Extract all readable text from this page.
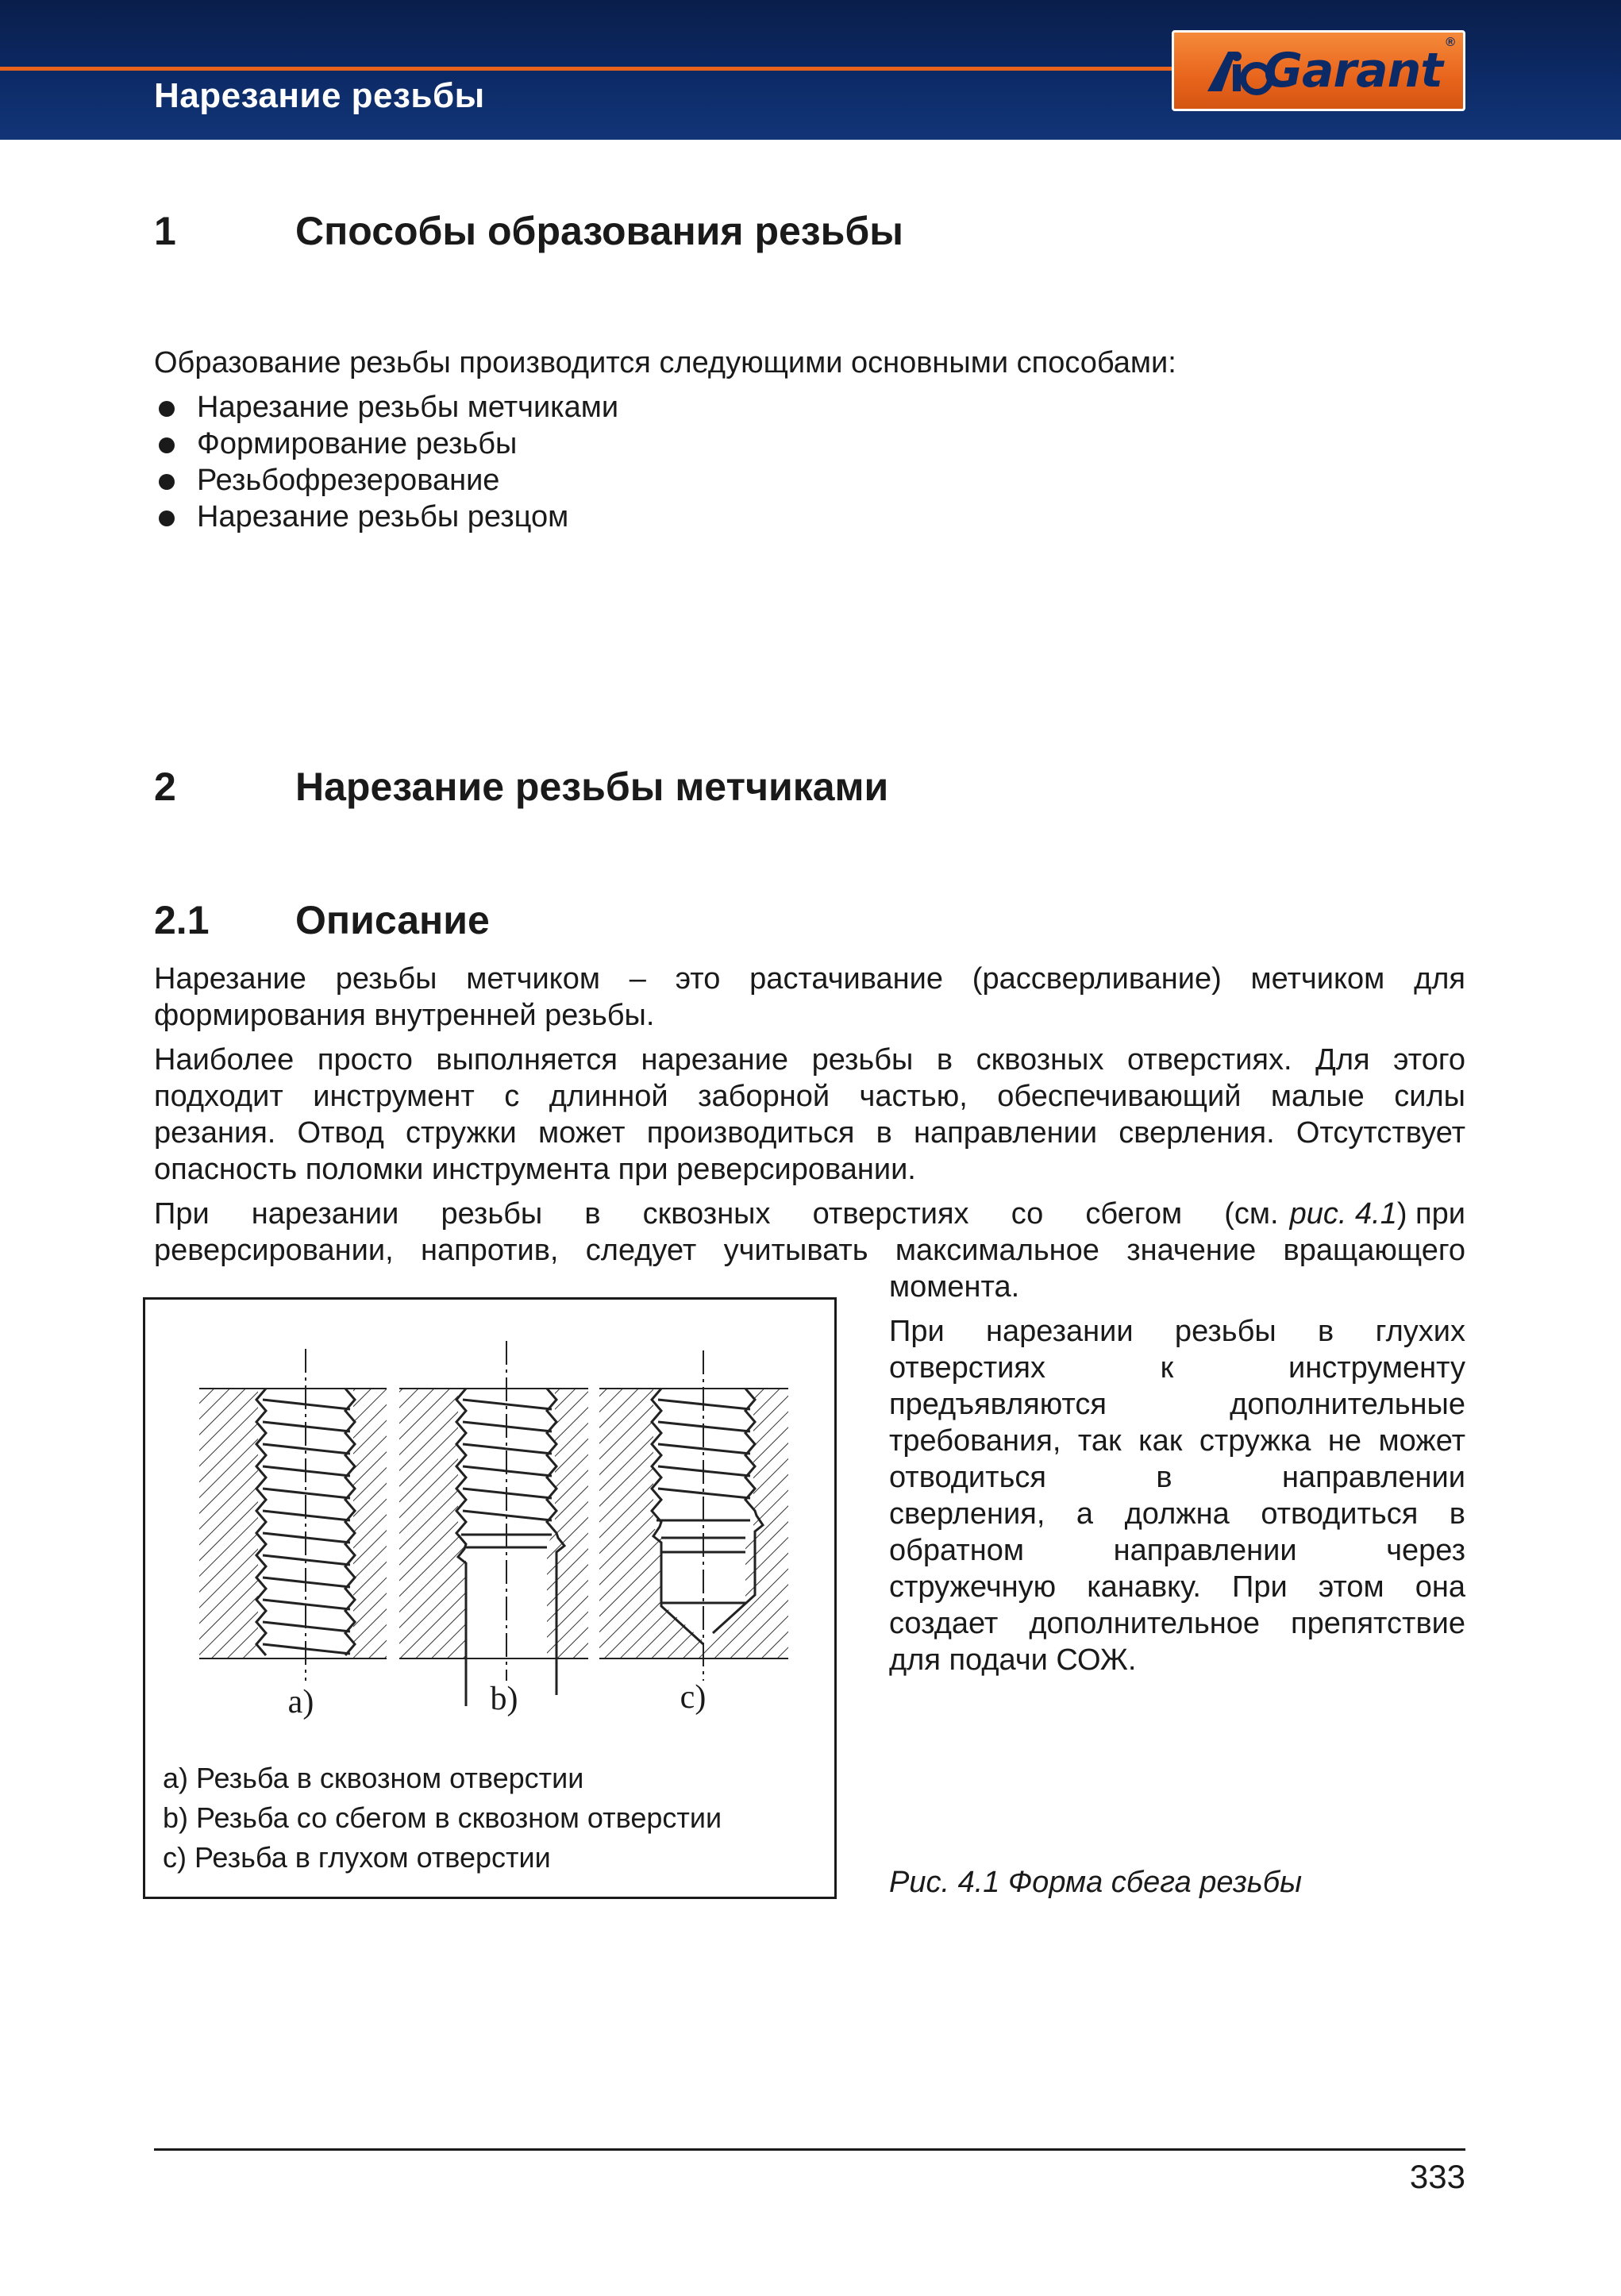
Нарезание резьбы	Garant
®
1	Способы образования резьбы
Образование резьбы производится следующими основными способами:
Нарезание резьбы метчиками
Формирование резьбы
Резьбофрезерование
Нарезание резьбы резцом
2	Нарезание резьбы метчиками
2.1 Описание
Нарезание резьбы метчиком – это растачивание (рассверливание) метчиком для
формирования внутренней резьбы.
Наиболее просто выполняется нарезание резьбы в сквозных отверстиях. Для этого
подходит инструмент с длинной заборной частью, обеспечивающий малые силы
резания. Отвод стружки может производиться в направлении сверления. Отсутствует
опасность поломки инструмента при реверсировании.
При нарезании резьбы в сквозных отверстиях со сбегом (см. рис. 4.1) при
реверсировании, напротив, следует учитывать максимальное значение вращающего
момента.
При нарезании резьбы в глухих
отверстиях к инструменту
предъявляются дополнительные
требования, так как стружка не может
отводиться в направлении
сверления, а должна отводиться в
обратном направлении через
стружечную канавку. При этом она
создает дополнительное препятствие
для подачи СОЖ.
a)	b)	c)
a) Резьба в сквозном отверстии
b) Резьба со сбегом в сквозном отверстии
c) Резьба в глухом отверстии
Рис. 4.1 Форма сбега резьбы
333
